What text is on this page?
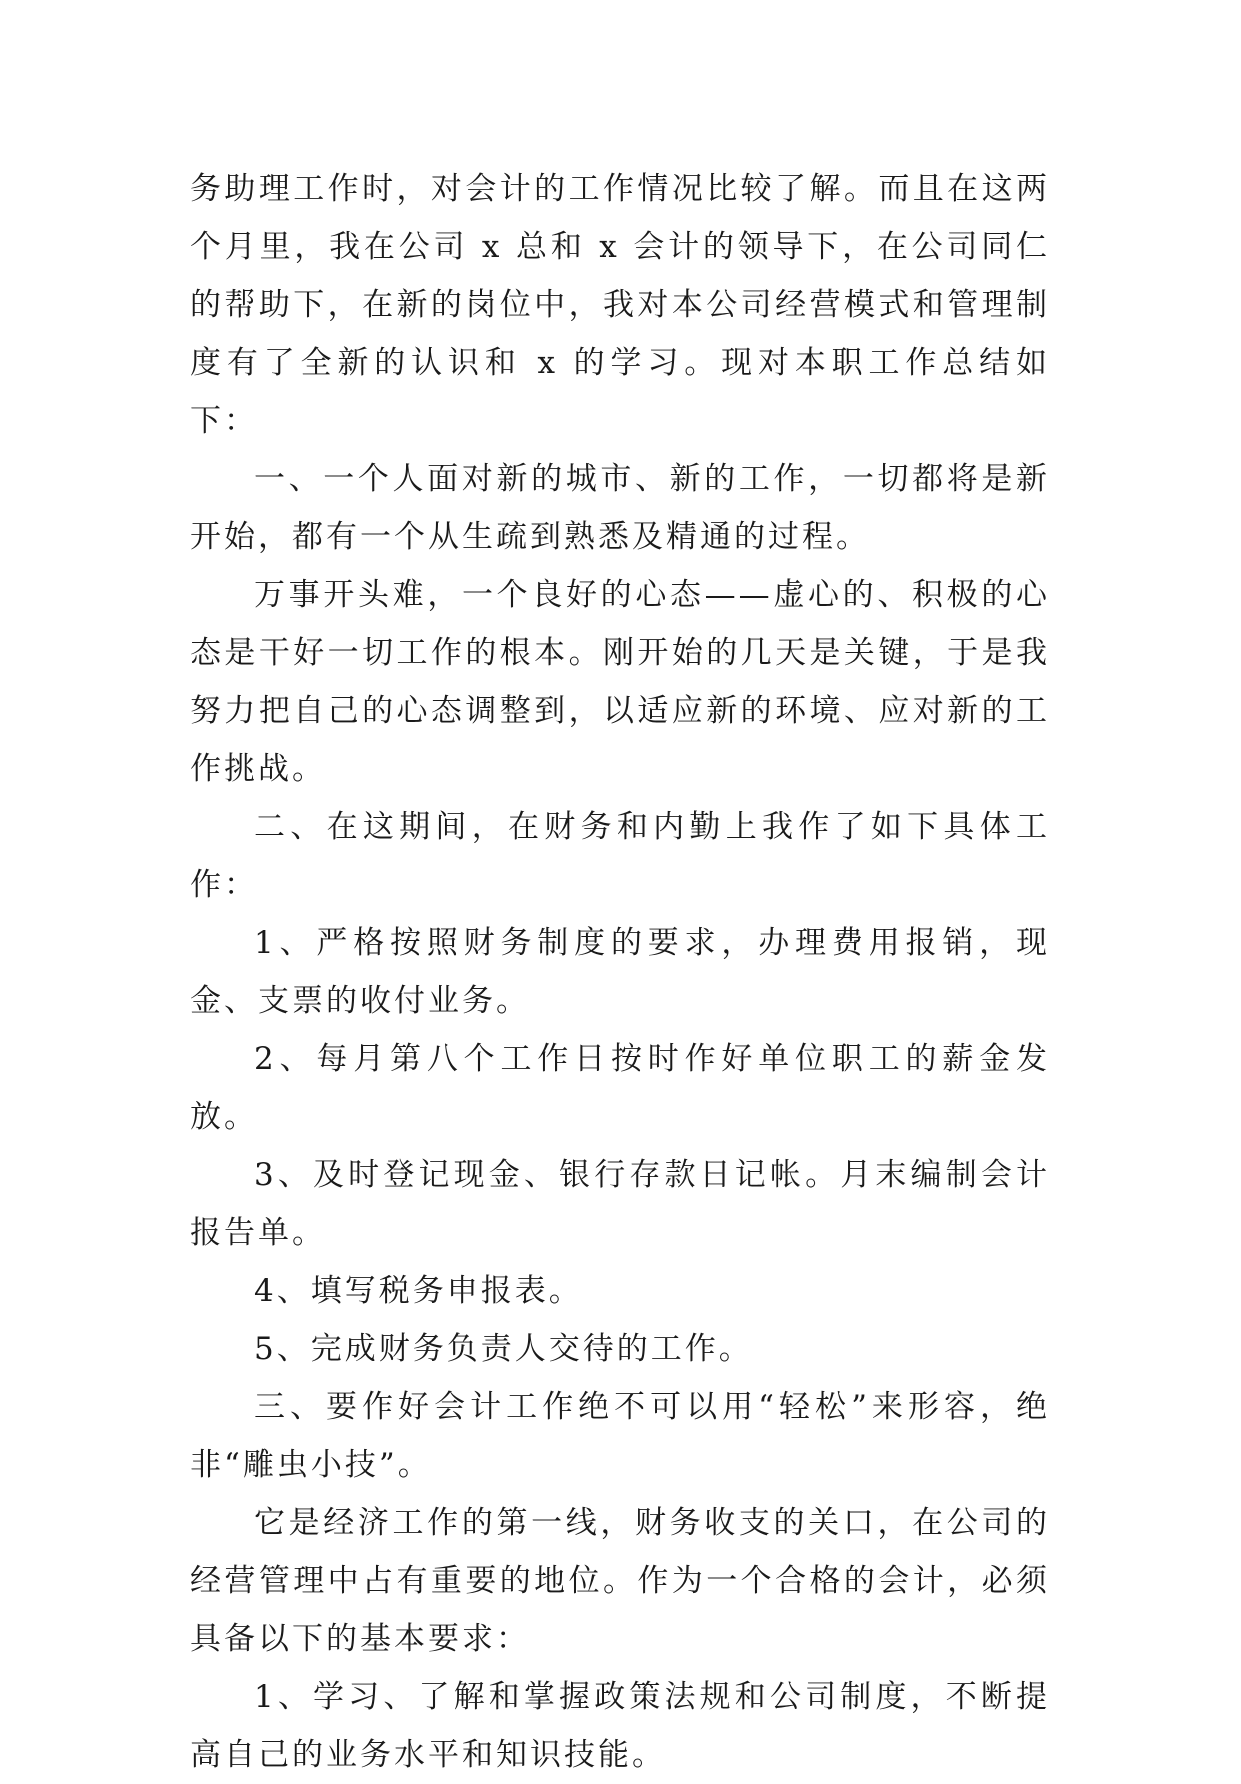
务助理工作时，对会计的工作情况比较了解。而且在这两个月里，我在公司 x 总和 x 会计的领导下，在公司同仁的帮助下，在新的岗位中，我对本公司经营模式和管理制度有了全新的认识和 x 的学习。现对本职工作总结如下：

一、一个人面对新的城市、新的工作，一切都将是新开始，都有一个从生疏到熟悉及精通的过程。

万事开头难，一个良好的心态——虚心的、积极的心态是干好一切工作的根本。刚开始的几天是关键，于是我努力把自己的心态调整到，以适应新的环境、应对新的工作挑战。

二、在这期间，在财务和内勤上我作了如下具体工作：

1、严格按照财务制度的要求，办理费用报销，现金、支票的收付业务。

2、每月第八个工作日按时作好单位职工的薪金发放。

3、及时登记现金、银行存款日记帐。月末编制会计报告单。

4、填写税务申报表。

5、完成财务负责人交待的工作。

三、要作好会计工作绝不可以用“轻松”来形容，绝非“雕虫小技”。

它是经济工作的第一线，财务收支的关口，在公司的经营管理中占有重要的地位。作为一个合格的会计，必须具备以下的基本要求：

1、学习、了解和掌握政策法规和公司制度，不断提高自己的业务水平和知识技能。
